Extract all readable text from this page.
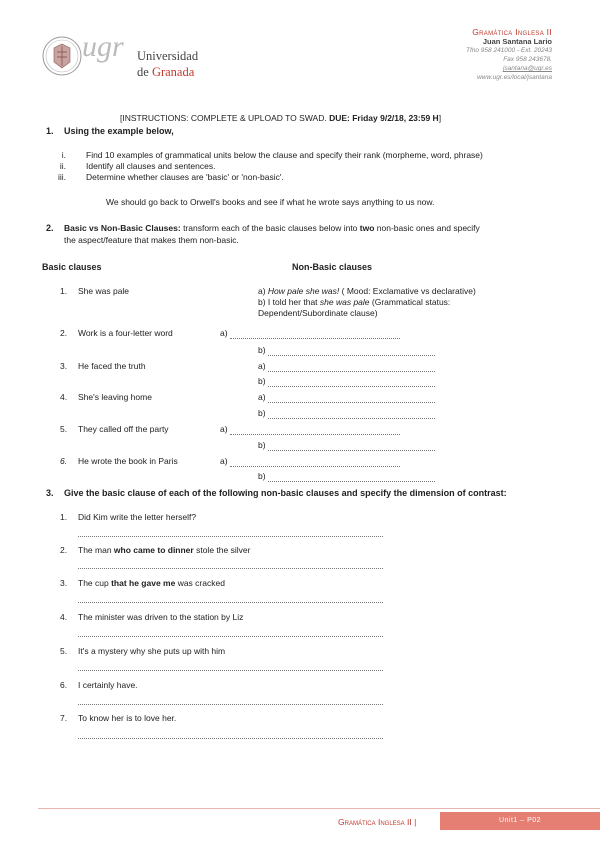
ugr Universidad
de Granada
Gramática Inglesa II
Juan Santana Lario
Tfno 958 241000 - Ext. 20243
Fax 958 243678.
jsantana@ugr.es
www.ugr.es/local/jsantana
[INSTRUCTIONS: COMPLETE & UPLOAD TO SWAD. DUE: Friday 9/2/18, 23:59 H]
1. Using the example below,
i. Find 10 examples of grammatical units below the clause and specify their rank (morpheme, word, phrase)
ii. Identify all clauses and sentences.
iii. Determine whether clauses are 'basic' or 'non-basic'.
We should go back to Orwell's books and see if what he wrote says anything to us now.
2. Basic vs Non-Basic Clauses: transform each of the basic clauses below into two non-basic ones and specify
the aspect/feature that makes them non-basic.
Basic clauses	Non-Basic clauses
1. She was pale	a) How pale she was! ( Mood: Exclamative vs declarative)
b) I told her that she was pale (Grammatical status:
Dependent/Subordinate clause)
2. Work is a four-letter word	a)
b)
3. He faced the truth	a)
b)
4. She's leaving home	a)
b)
5. They called off the party	a)
b)
6. He wrote the book in Paris	a)
b)
3. Give the basic clause of each of the following non-basic clauses and specify the dimension of contrast:
1. Did Kim write the letter herself?
2. The man who came to dinner stole the silver
3. The cup that he gave me was cracked
4. The minister was driven to the station by Liz
5. It's a mystery why she puts up with him
6. I certainly have.
7. To know her is to love her.
Gramática Inglesa II |	Unit1 – P02
